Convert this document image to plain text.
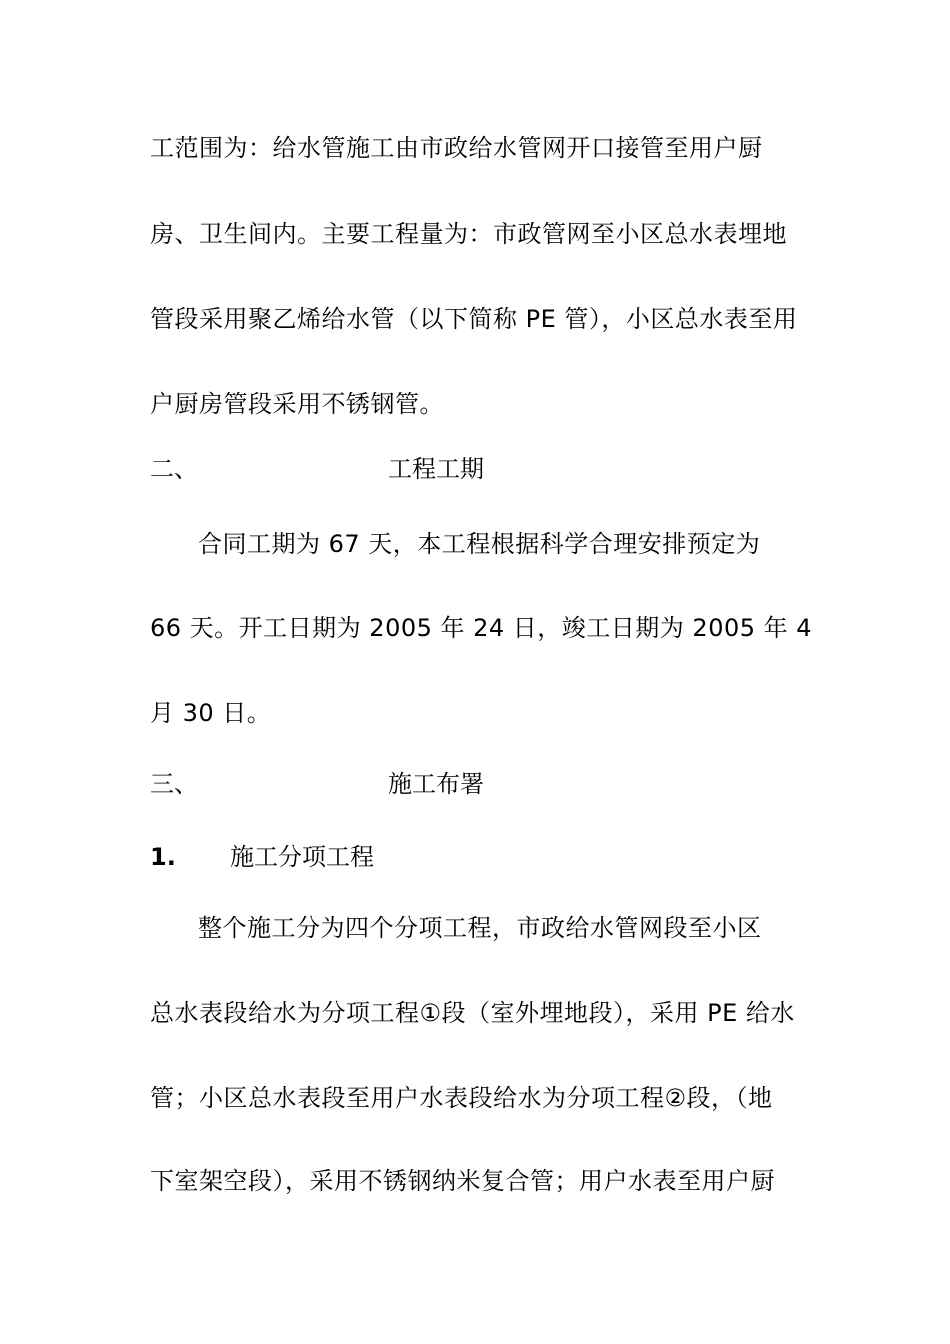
工范围为：给水管施工由市政给水管网开口接管至用户厨
房、卫生间内。主要工程量为：市政管网至小区总水表埋地
管段采用聚乙烯给水管（以下简称 PE 管），小区总水表至用
户厨房管段采用不锈钢管。
二、	工程工期
合同工期为 67 天，本工程根据科学合理安排预定为
66 天。开工日期为 2005 年 24 日，竣工日期为 2005 年 4
月 30 日。
三、	施工布署
1. 施工分项工程
整个施工分为四个分项工程，市政给水管网段至小区
总水表段给水为分项工程①段（室外埋地段），采用 PE 给水
管；小区总水表段至用户水表段给水为分项工程②段，（地
下室架空段），采用不锈钢纳米复合管；用户水表至用户厨
